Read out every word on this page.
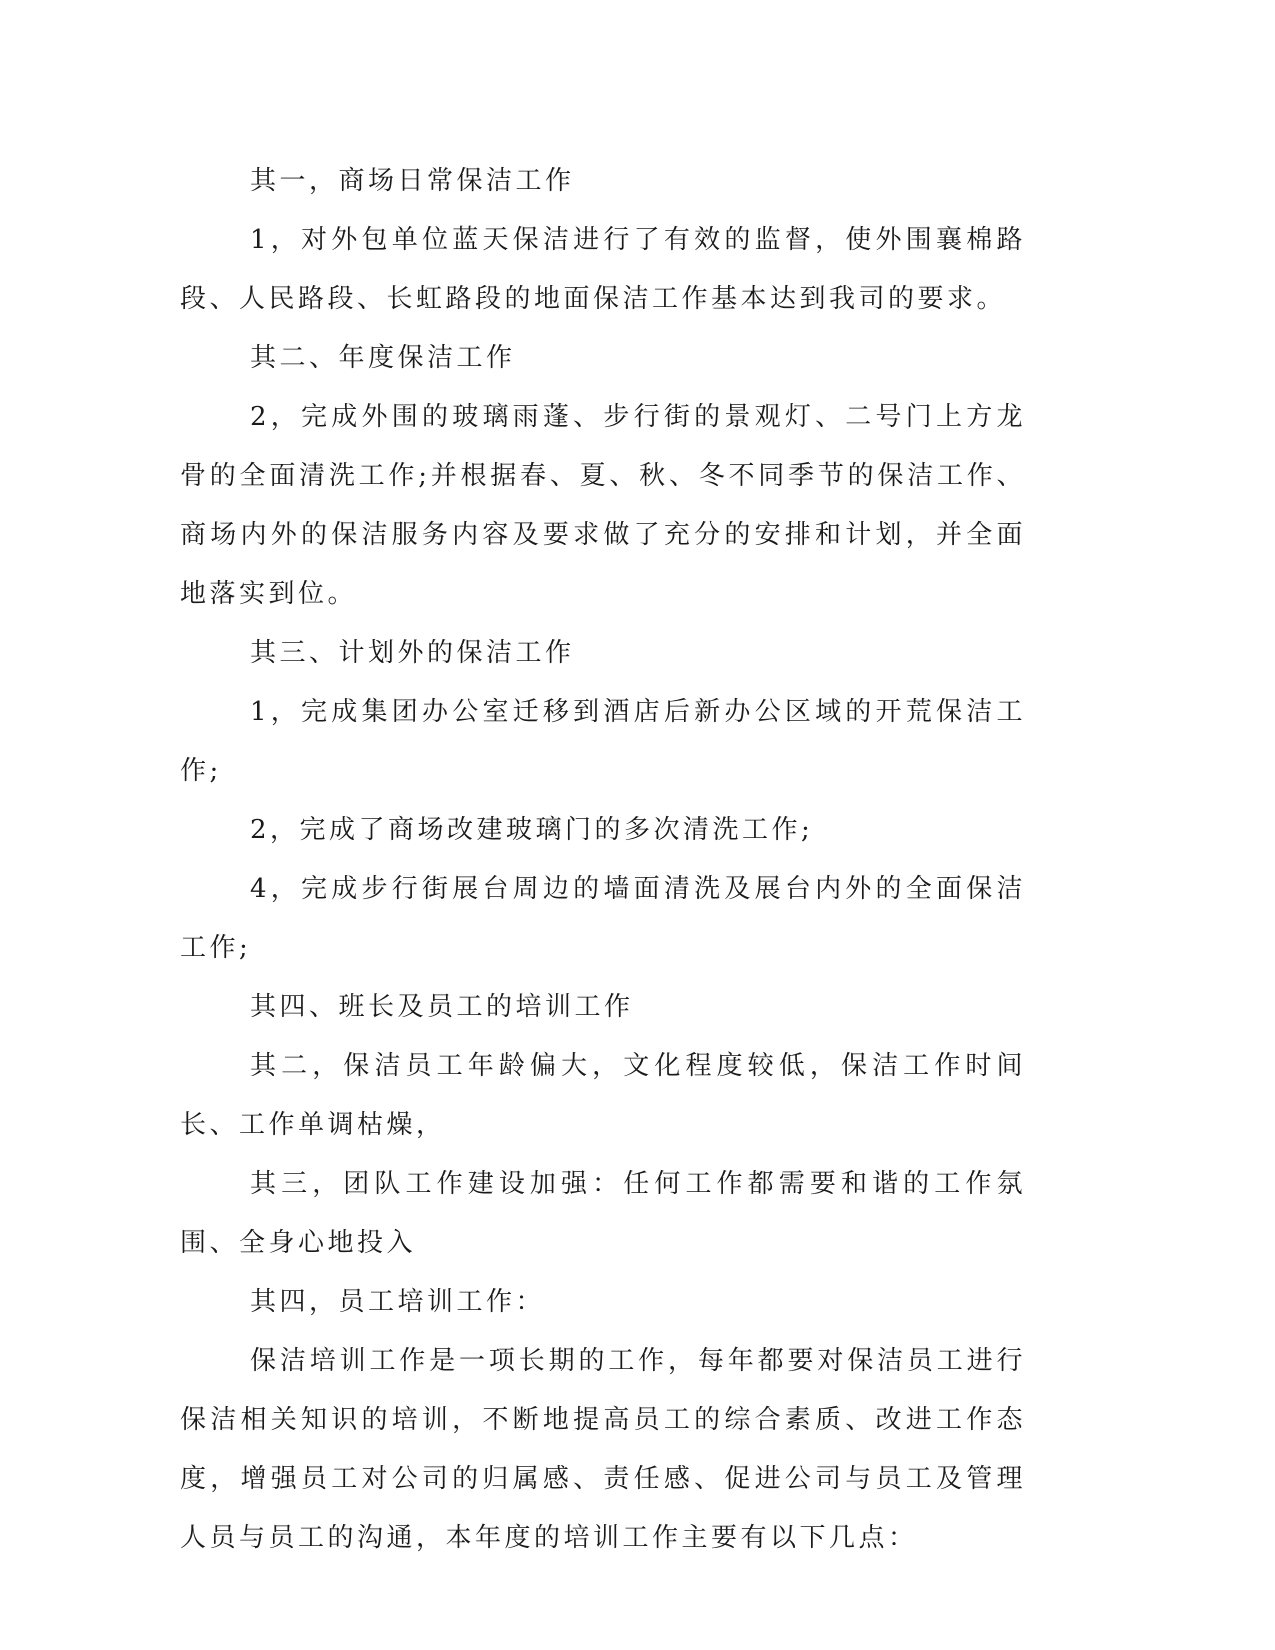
其一，商场日常保洁工作

1，对外包单位蓝天保洁进行了有效的监督，使外围襄棉路段、人民路段、长虹路段的地面保洁工作基本达到我司的要求。

其二、年度保洁工作

2，完成外围的玻璃雨蓬、步行街的景观灯、二号门上方龙骨的全面清洗工作;并根据春、夏、秋、冬不同季节的保洁工作、商场内外的保洁服务内容及要求做了充分的安排和计划，并全面地落实到位。

其三、计划外的保洁工作

1，完成集团办公室迁移到酒店后新办公区域的开荒保洁工作;

2，完成了商场改建玻璃门的多次清洗工作;

4，完成步行街展台周边的墙面清洗及展台内外的全面保洁工作;

其四、班长及员工的培训工作

其二，保洁员工年龄偏大，文化程度较低，保洁工作时间长、工作单调枯燥，

其三，团队工作建设加强：任何工作都需要和谐的工作氛围、全身心地投入

其四，员工培训工作：

保洁培训工作是一项长期的工作，每年都要对保洁员工进行保洁相关知识的培训，不断地提高员工的综合素质、改进工作态度，增强员工对公司的归属感、责任感、促进公司与员工及管理人员与员工的沟通，本年度的培训工作主要有以下几点：
